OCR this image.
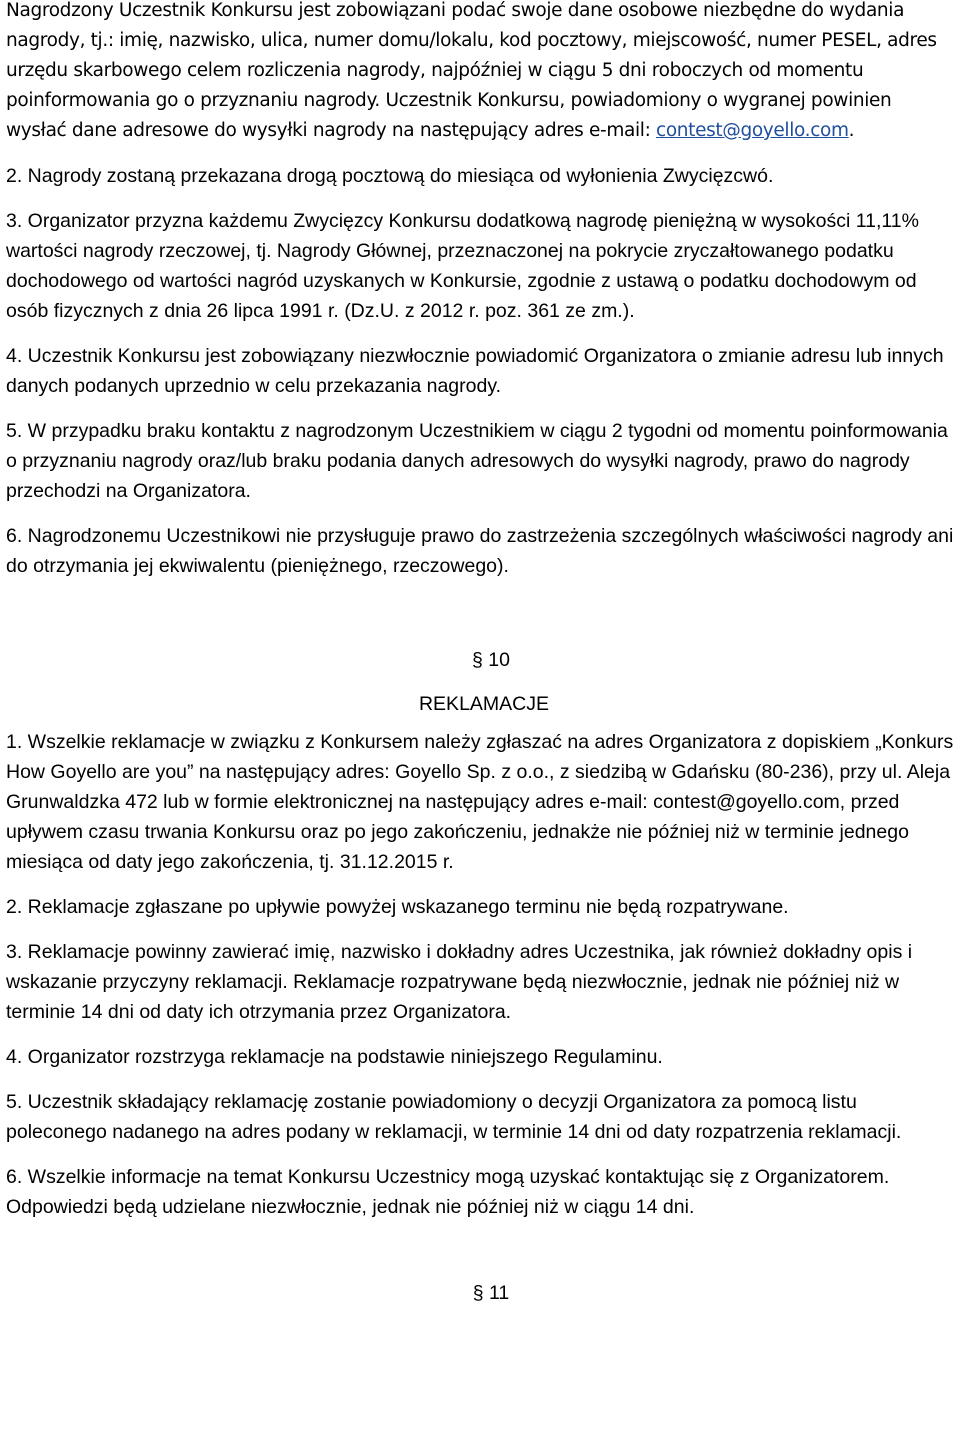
Nagrodzony Uczestnik Konkursu jest zobowiązani podać swoje dane osobowe niezbędne do wydania nagrody, tj.: imię, nazwisko, ulica, numer domu/lokalu, kod pocztowy, miejscowość, numer PESEL, adres urzędu skarbowego celem rozliczenia nagrody, najpóźniej w ciągu 5 dni roboczych od momentu poinformowania go o przyznaniu nagrody. Uczestnik Konkursu, powiadomiony o wygranej powinien wysłać dane adresowe do wysyłki nagrody na następujący adres e-mail: contest@goyello.com.

2. Nagrody zostaną przekazana drogą pocztową do miesiąca od wyłonienia Zwycięzcwó.

3. Organizator przyzna każdemu Zwycięzcy Konkursu dodatkową nagrodę pieniężną w wysokości 11,11% wartości nagrody rzeczowej, tj. Nagrody Głównej, przeznaczonej na pokrycie zryczałtowanego podatku dochodowego od wartości nagród uzyskanych w Konkursie, zgodnie z ustawą o podatku dochodowym od osób fizycznych z dnia 26 lipca 1991 r. (Dz.U. z 2012 r. poz. 361 ze zm.).

4. Uczestnik Konkursu jest zobowiązany niezwłocznie powiadomić Organizatora o zmianie adresu lub innych danych podanych uprzednio w celu przekazania nagrody.

5. W przypadku braku kontaktu z nagrodzonym Uczestnikiem w ciągu 2 tygodni od momentu poinformowania o przyznaniu nagrody oraz/lub braku podania danych adresowych do wysyłki nagrody, prawo do nagrody przechodzi na Organizatora.

6. Nagrodzonemu Uczestnikowi nie przysługuje prawo do zastrzeżenia szczególnych właściwości nagrody ani do otrzymania jej ekwiwalentu (pieniężnego, rzeczowego).

§ 10
REKLAMACJE

1. Wszelkie reklamacje w związku z Konkursem należy zgłaszać na adres Organizatora z dopiskiem „Konkurs How Goyello are you” na następujący adres: Goyello Sp. z o.o., z siedzibą w Gdańsku (80-236), przy ul. Aleja Grunwaldzka 472 lub w formie elektronicznej na następujący adres e-mail: contest@goyello.com, przed upływem czasu trwania Konkursu oraz po jego zakończeniu, jednakże nie później niż w terminie jednego miesiąca od daty jego zakończenia, tj. 31.12.2015 r.

2. Reklamacje zgłaszane po upływie powyżej wskazanego terminu nie będą rozpatrywane.

3. Reklamacje powinny zawierać imię, nazwisko i dokładny adres Uczestnika, jak również dokładny opis i wskazanie przyczyny reklamacji. Reklamacje rozpatrywane będą niezwłocznie, jednak nie później niż w terminie 14 dni od daty ich otrzymania przez Organizatora.

4. Organizator rozstrzyga reklamacje na podstawie niniejszego Regulaminu.

5. Uczestnik składający reklamację zostanie powiadomiony o decyzji Organizatora za pomocą listu poleconego nadanego na adres podany w reklamacji, w terminie 14 dni od daty rozpatrzenia reklamacji.

6. Wszelkie informacje na temat Konkursu Uczestnicy mogą uzyskać kontaktując się z Organizatorem. Odpowiedzi będą udzielane niezwłocznie, jednak nie później niż w ciągu 14 dni.

§ 11
